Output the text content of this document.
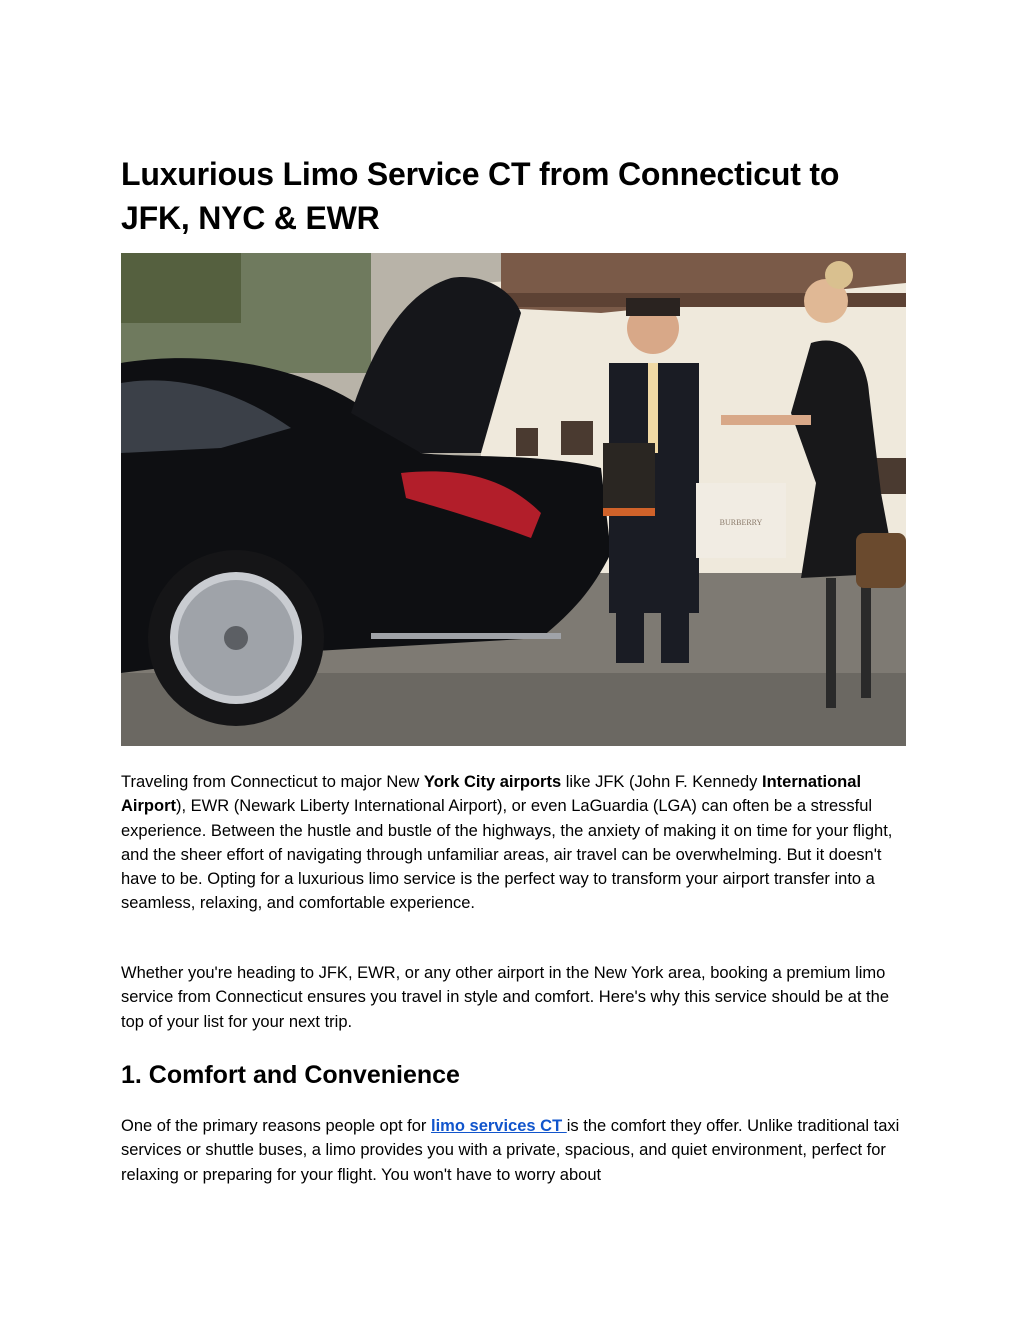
Luxurious Limo Service CT from Connecticut to JFK, NYC & EWR
BURBERRY

Traveling from Connecticut to major New York City airports like JFK (John F. Kennedy International Airport), EWR (Newark Liberty International Airport), or even LaGuardia (LGA) can often be a stressful experience. Between the hustle and bustle of the highways, the anxiety of making it on time for your flight, and the sheer effort of navigating through unfamiliar areas, air travel can be overwhelming. But it doesn't have to be. Opting for a luxurious limo service is the perfect way to transform your airport transfer into a seamless, relaxing, and comfortable experience.

Whether you're heading to JFK, EWR, or any other airport in the New York area, booking a premium limo service from Connecticut ensures you travel in style and comfort. Here's why this service should be at the top of your list for your next trip.

1. Comfort and Convenience

One of the primary reasons people opt for limo services CT is the comfort they offer. Unlike traditional taxi services or shuttle buses, a limo provides you with a private, spacious, and quiet environment, perfect for relaxing or preparing for your flight. You won't have to worry about
